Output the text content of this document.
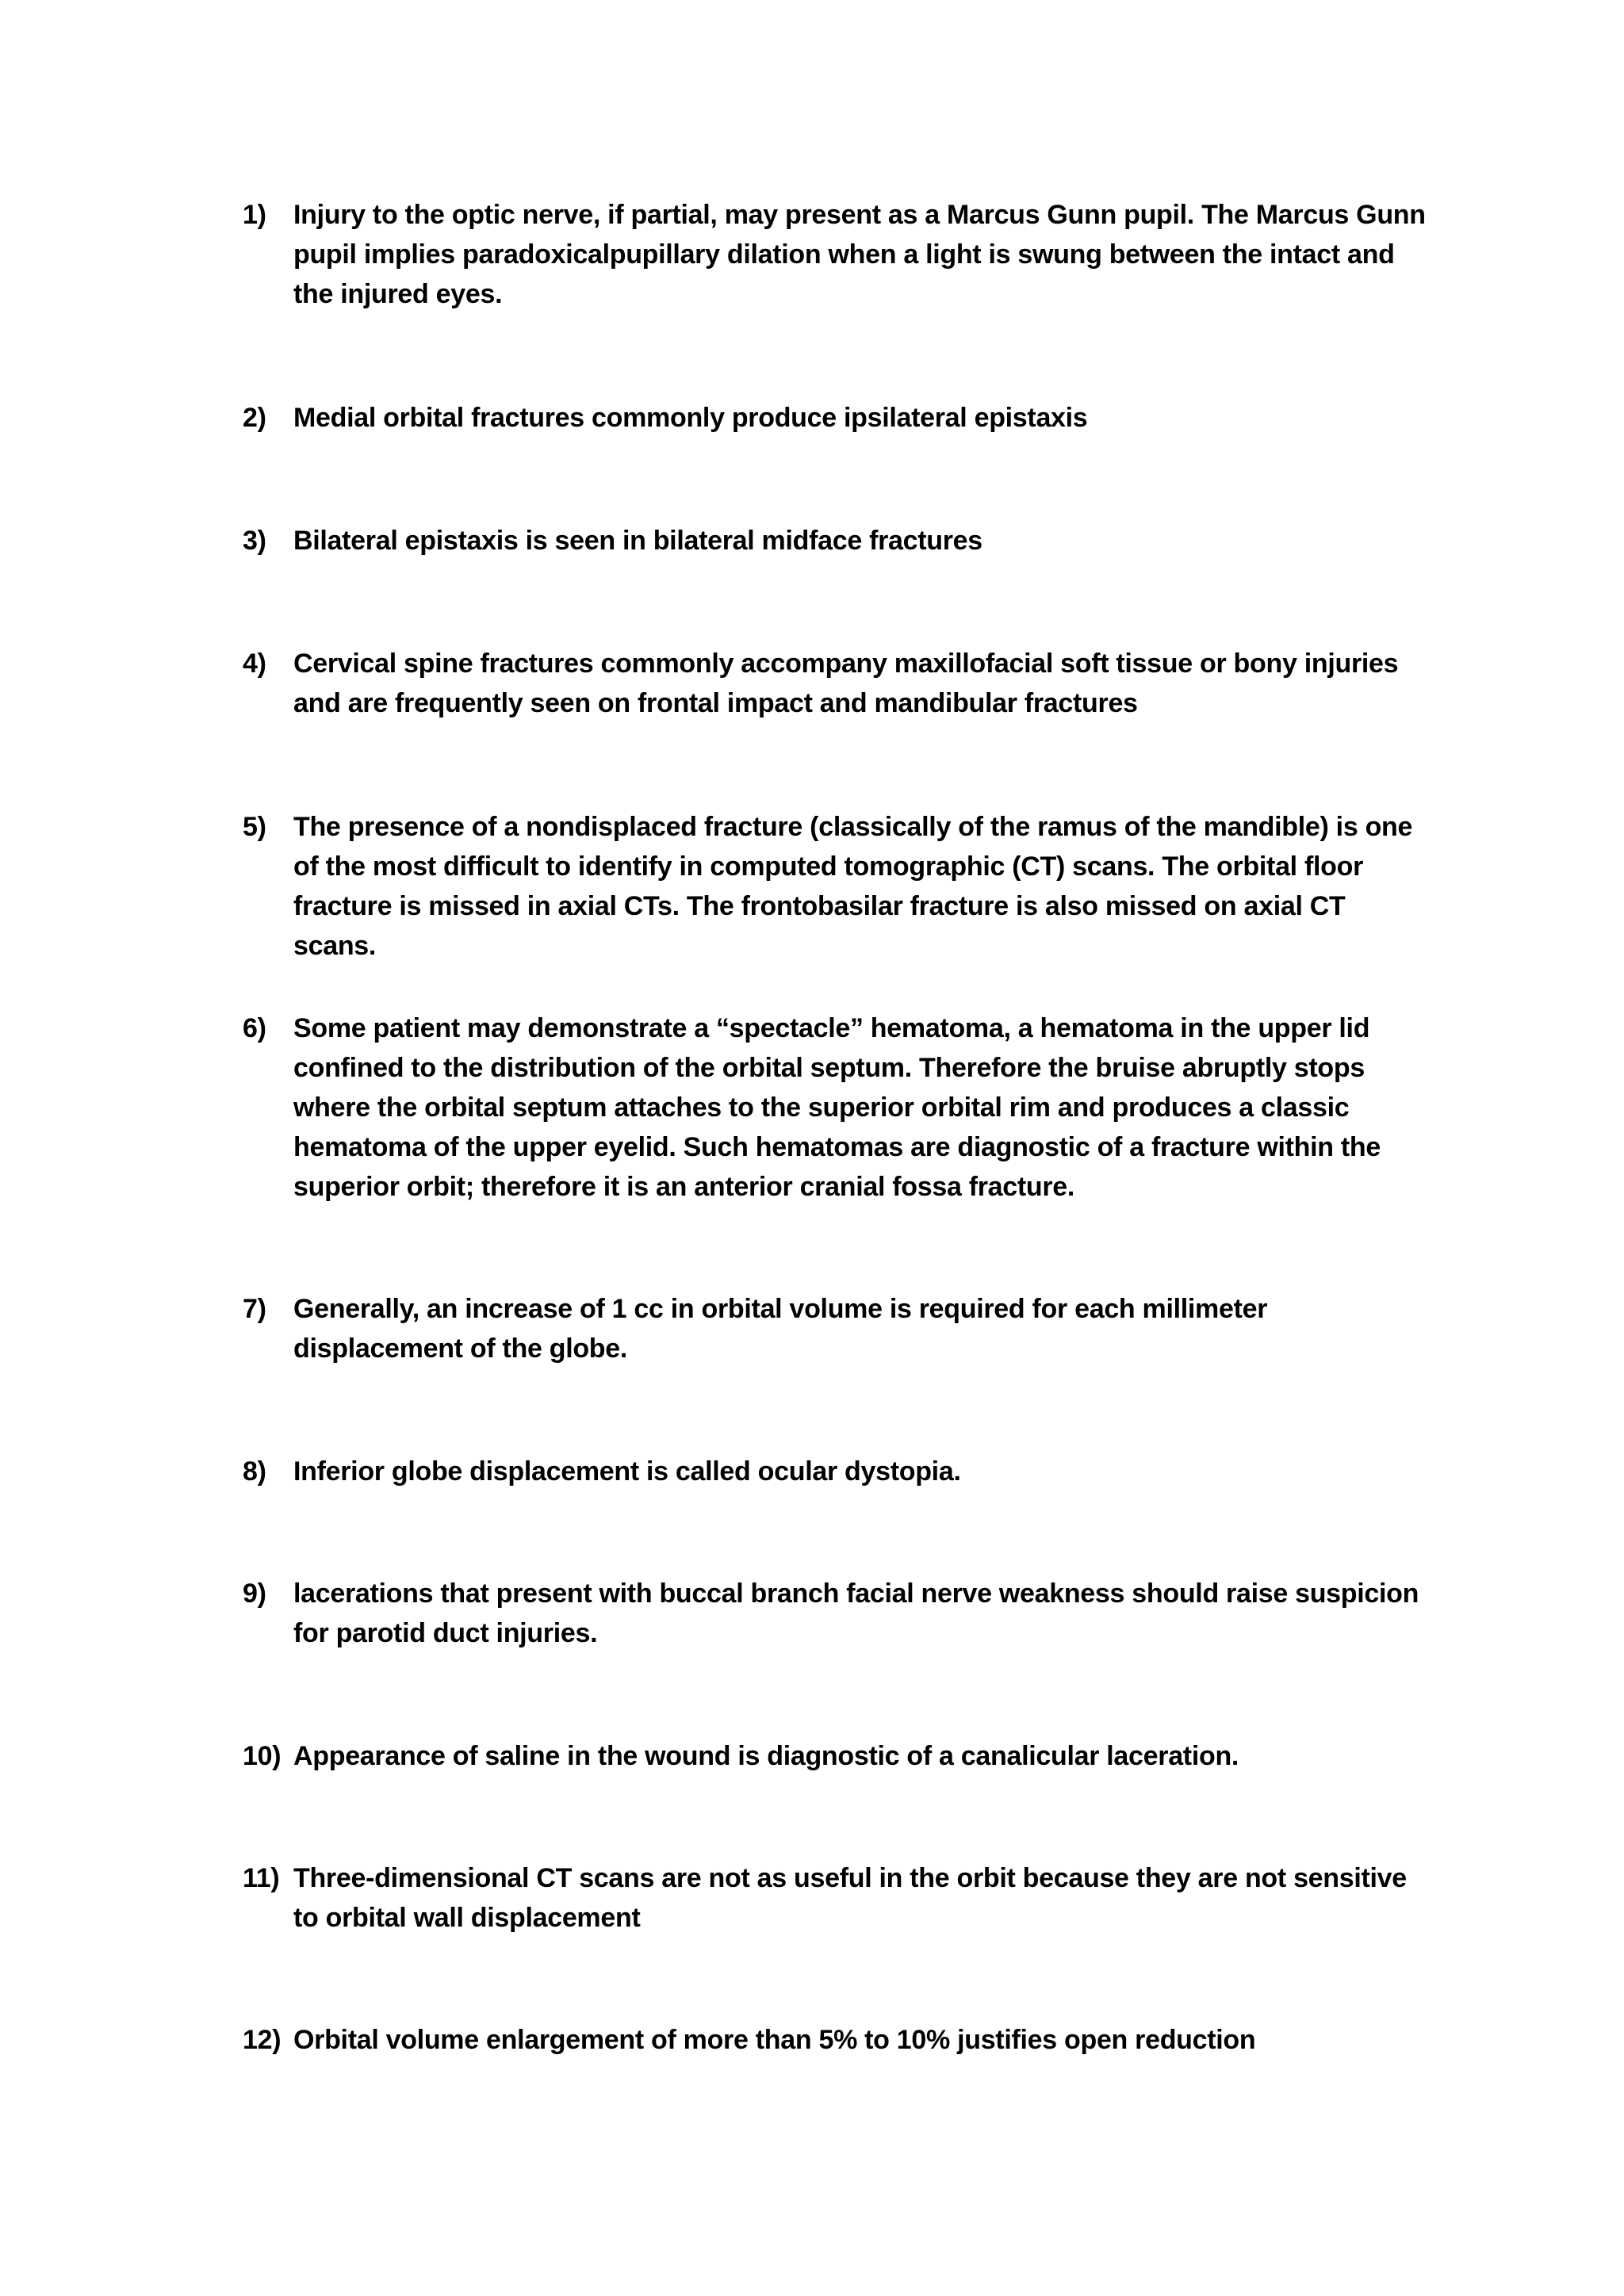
1)	Injury to the optic nerve, if partial, may present as a Marcus Gunn pupil. The Marcus Gunn pupil implies paradoxicalpupillary dilation when a light is swung between the intact and the injured eyes.
2)	Medial orbital fractures commonly produce ipsilateral epistaxis
3)	Bilateral epistaxis is seen in bilateral midface fractures
4)	Cervical spine fractures commonly accompany maxillofacial soft tissue or bony injuries and are frequently seen on frontal impact and mandibular fractures
5)	The presence of a nondisplaced fracture (classically of the ramus of the mandible) is one of the most difficult to identify in computed tomographic (CT) scans. The orbital floor fracture is missed in axial CTs. The frontobasilar fracture is also missed on axial CT scans.
6)	Some patient may demonstrate a “spectacle” hematoma, a hematoma in the upper lid confined to the distribution of the orbital septum. Therefore the bruise abruptly stops where the orbital septum attaches to the superior orbital rim and produces a classic hematoma of the upper eyelid. Such hematomas are diagnostic of a fracture within the superior orbit; therefore it is an anterior cranial fossa fracture.
7)	Generally, an increase of 1 cc in orbital volume is required for each millimeter displacement of the globe.
8)	Inferior globe displacement is called ocular dystopia.
9)	lacerations that present with buccal branch facial nerve weakness should raise suspicion for parotid duct injuries.
10) Appearance of saline in the wound is diagnostic of a canalicular laceration.
11) Three-dimensional CT scans are not as useful in the orbit because they are not sensitive to orbital wall displacement
12) Orbital volume enlargement of more than 5% to 10% justifies open reduction
